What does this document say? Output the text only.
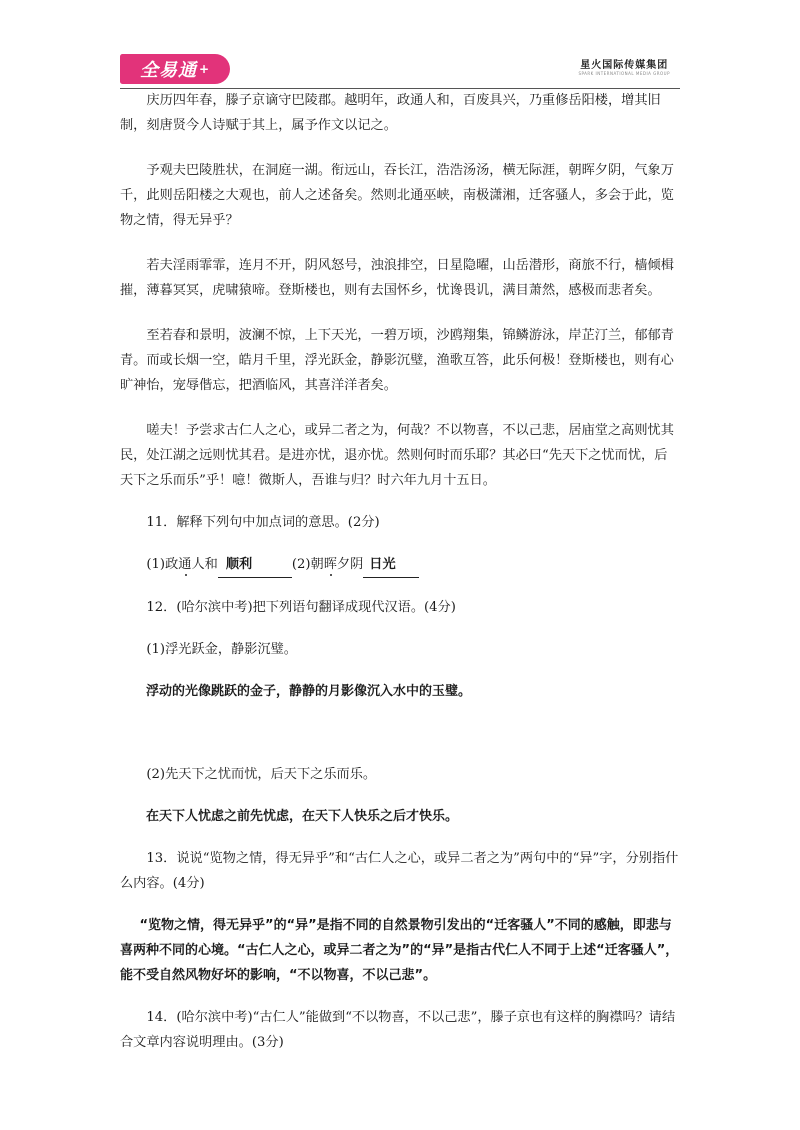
全易通 +	星火国际传媒集团
SPARK INTERNATIONAL MEDIA GROUP

庆历四年春，滕子京谪守巴陵郡。越明年，政通人和，百废具兴，乃重修岳阳楼，增其旧制，刻唐贤今人诗赋于其上，属予作文以记之。

予观夫巴陵胜状，在洞庭一湖。衔远山，吞长江，浩浩汤汤，横无际涯，朝晖夕阴，气象万千，此则岳阳楼之大观也，前人之述备矣。然则北通巫峡，南极潇湘，迁客骚人，多会于此，览物之情，得无异乎？

若夫淫雨霏霏，连月不开，阴风怒号，浊浪排空，日星隐曜，山岳潜形，商旅不行，樯倾楫摧，薄暮冥冥，虎啸猿啼。登斯楼也，则有去国怀乡，忧谗畏讥，满目萧然，感极而悲者矣。

至若春和景明，波澜不惊，上下天光，一碧万顷，沙鸥翔集，锦鳞游泳，岸芷汀兰，郁郁青青。而或长烟一空，皓月千里，浮光跃金，静影沉璧，渔歌互答，此乐何极！登斯楼也，则有心旷神怡，宠辱偕忘，把酒临风，其喜洋洋者矣。

嗟夫！予尝求古仁人之心，或异二者之为，何哉？不以物喜，不以己悲，居庙堂之高则忧其民，处江湖之远则忧其君。是进亦忧，退亦忧。然则何时而乐耶？其必曰“先天下之忧而忧，后天下之乐而乐”乎！噫！微斯人，吾谁与归？时六年九月十五日。

11．解释下列句中加点词的意思。(2分)

(1)政通人和 顺利	(2)朝晖夕阴 日光

12．(哈尔滨中考)把下列语句翻译成现代汉语。(4分)

(1)浮光跃金，静影沉璧。

浮动的光像跳跃的金子，静静的月影像沉入水中的玉璧。

(2)先天下之忧而忧，后天下之乐而乐。

在天下人忧虑之前先忧虑，在天下人快乐之后才快乐。

13．说说“览物之情，得无异乎”和“古仁人之心，或异二者之为”两句中的“异”字，分别指什么内容。(4分)

“览物之情，得无异乎”的“异”是指不同的自然景物引发出的“迁客骚人”不同的感触，即悲与喜两种不同的心境。“古仁人之心，或异二者之为”的“异”是指古代仁人不同于上述“迁客骚人”，能不受自然风物好坏的影响，“不以物喜，不以己悲”。

14．(哈尔滨中考)“古仁人”能做到“不以物喜，不以己悲”，滕子京也有这样的胸襟吗？请结合文章内容说明理由。(3分)
